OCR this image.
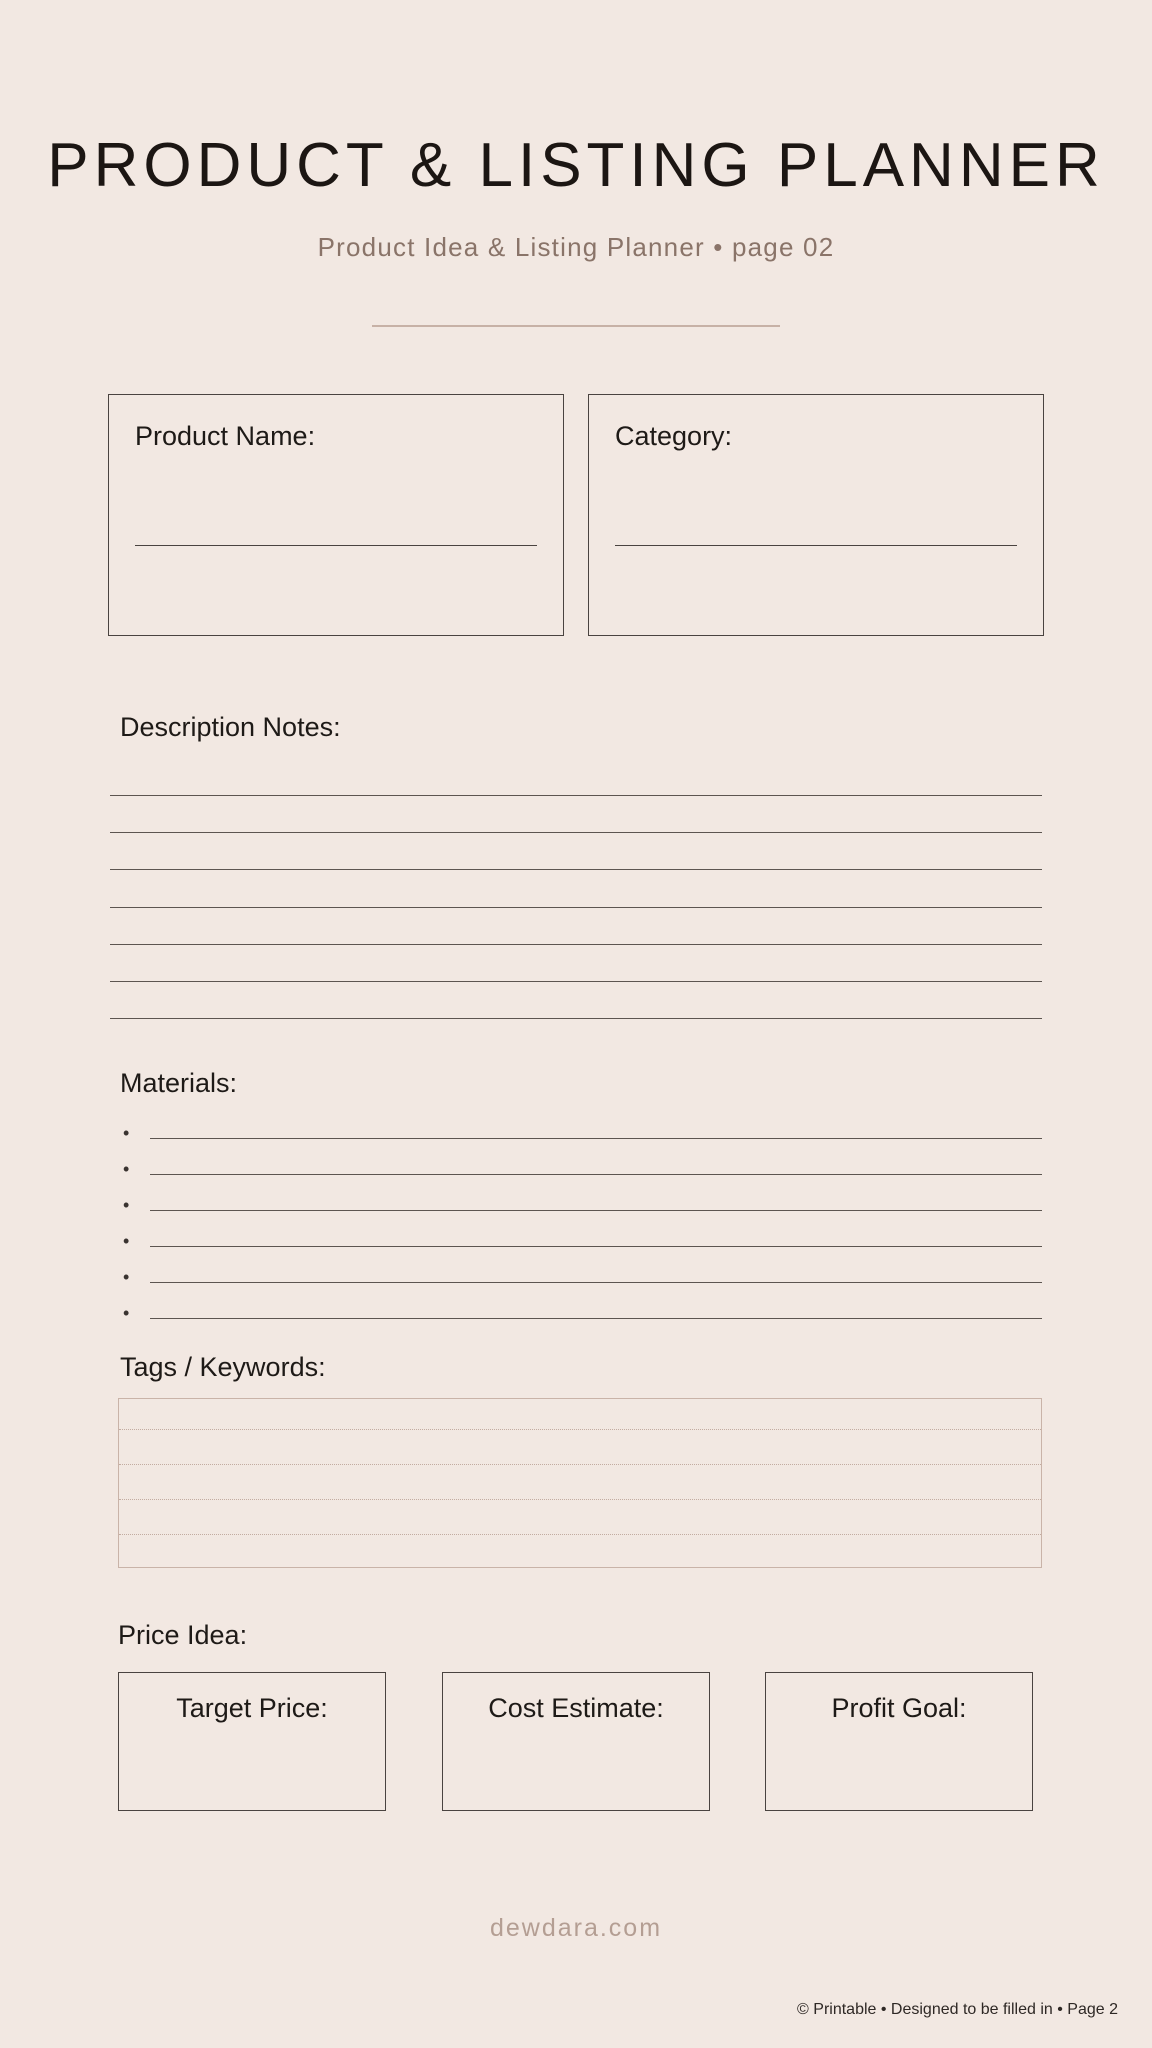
PRODUCT & LISTING PLANNER
Product Idea & Listing Planner • page 02
Product Name:	Category:
Description Notes:
Materials:
•
•
•
•
•
•
Tags / Keywords:
Price Idea:
Target Price:	Cost Estimate:	Profit Goal:
dewdara.com
© Printable • Designed to be filled in • Page 2
